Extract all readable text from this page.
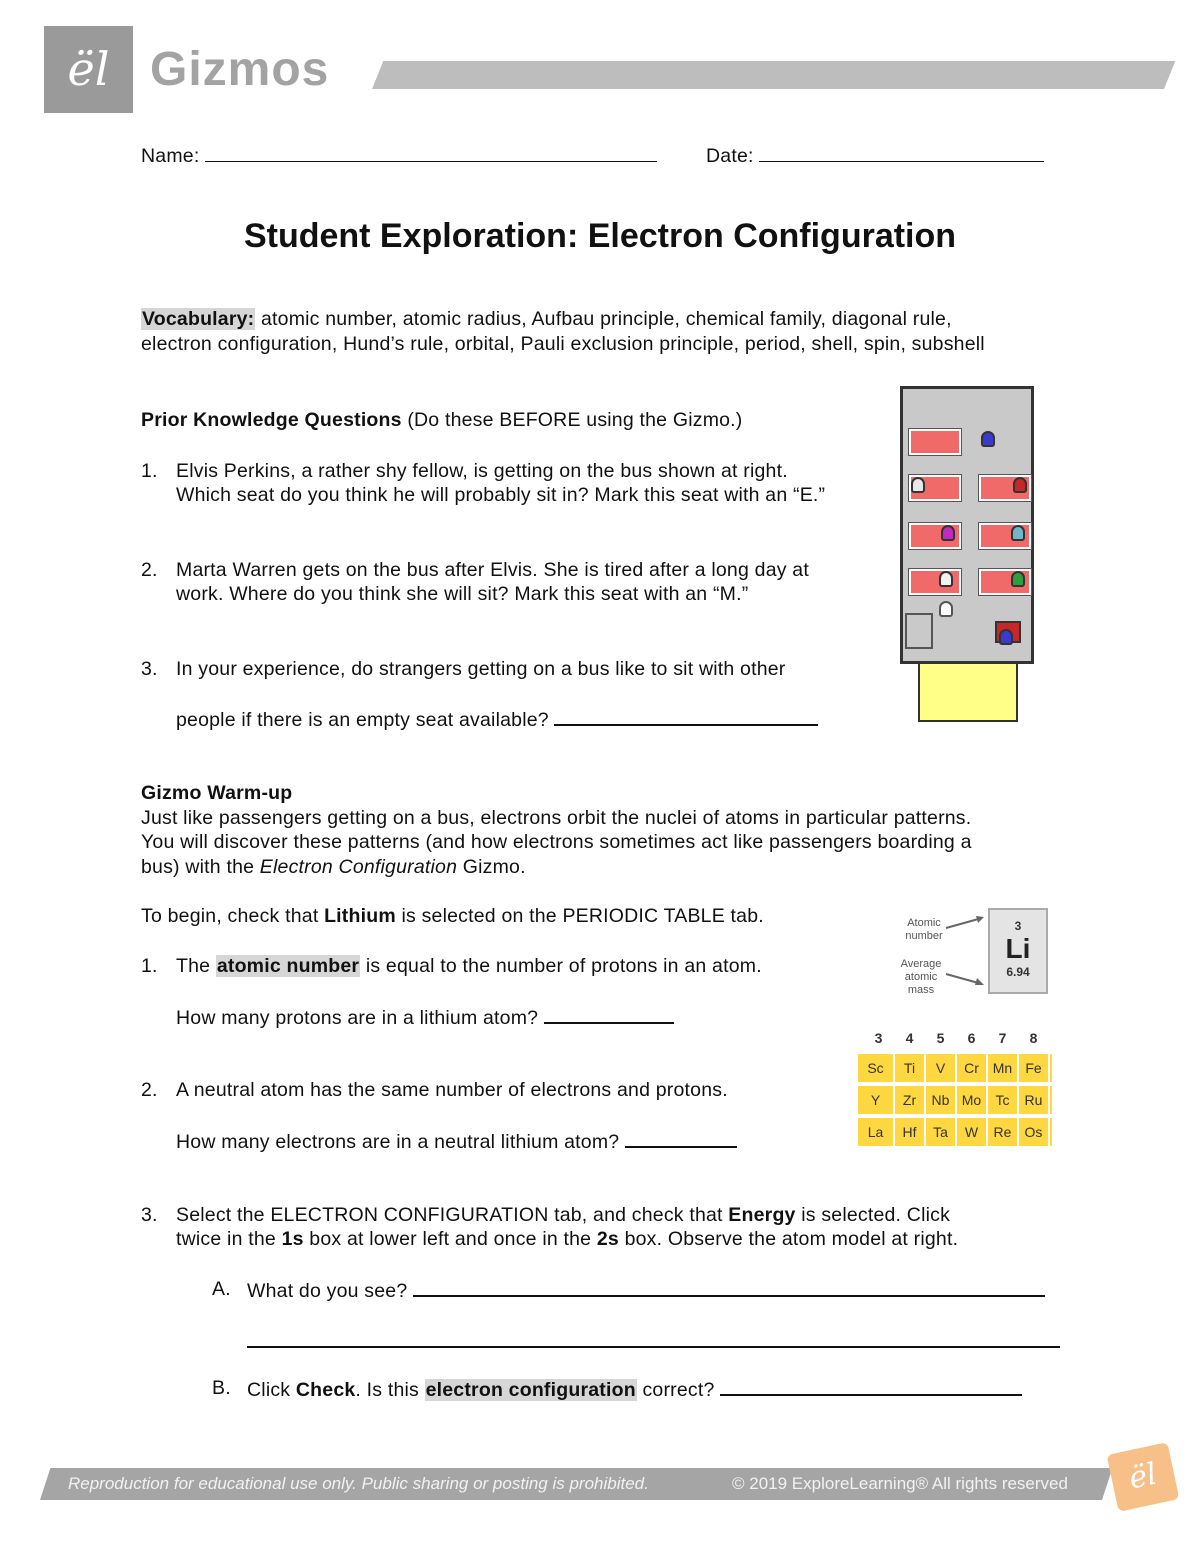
ël Gizmos
Name:	Date:
Student Exploration: Electron Configuration
Vocabulary: atomic number, atomic radius, Aufbau principle, chemical family, diagonal rule,
electron configuration, Hund’s rule, orbital, Pauli exclusion principle, period, shell, spin, subshell
Prior Knowledge Questions (Do these BEFORE using the Gizmo.)
1. Elvis Perkins, a rather shy fellow, is getting on the bus shown at right.
Which seat do you think he will probably sit in? Mark this seat with an “E.”
2. Marta Warren gets on the bus after Elvis. She is tired after a long day at
work. Where do you think she will sit? Mark this seat with an “M.”
3. In your experience, do strangers getting on a bus like to sit with other
people if there is an empty seat available?
Gizmo Warm-up
Just like passengers getting on a bus, electrons orbit the nuclei of atoms in particular patterns.
You will discover these patterns (and how electrons sometimes act like passengers boarding a
bus) with the Electron Configuration Gizmo.
To begin, check that Lithium is selected on the PERIODIC TABLE tab.
1. The atomic number is equal to the number of protons in an atom.
How many protons are in a lithium atom?
2. A neutral atom has the same number of electrons and protons.
How many electrons are in a neutral lithium atom?
3. Select the ELECTRON CONFIGURATION tab, and check that Energy is selected. Click
twice in the 1s box at lower left and once in the 2s box. Observe the atom model at right.
A. What do you see?
B. Click Check. Is this electron configuration correct?
Atomic
number
Average
atomic
mass
3
Li
6.94
3	4	5	6	7	8
Sc	Ti	V	Cr Mn Fe
Y	Zr	Nb Mo	Tc	Ru
La	Hf	Ta	W	Re Os
Reproduction for educational use only. Public sharing or posting is prohibited.	© 2019 ExploreLearning® All rights reserved	ël
